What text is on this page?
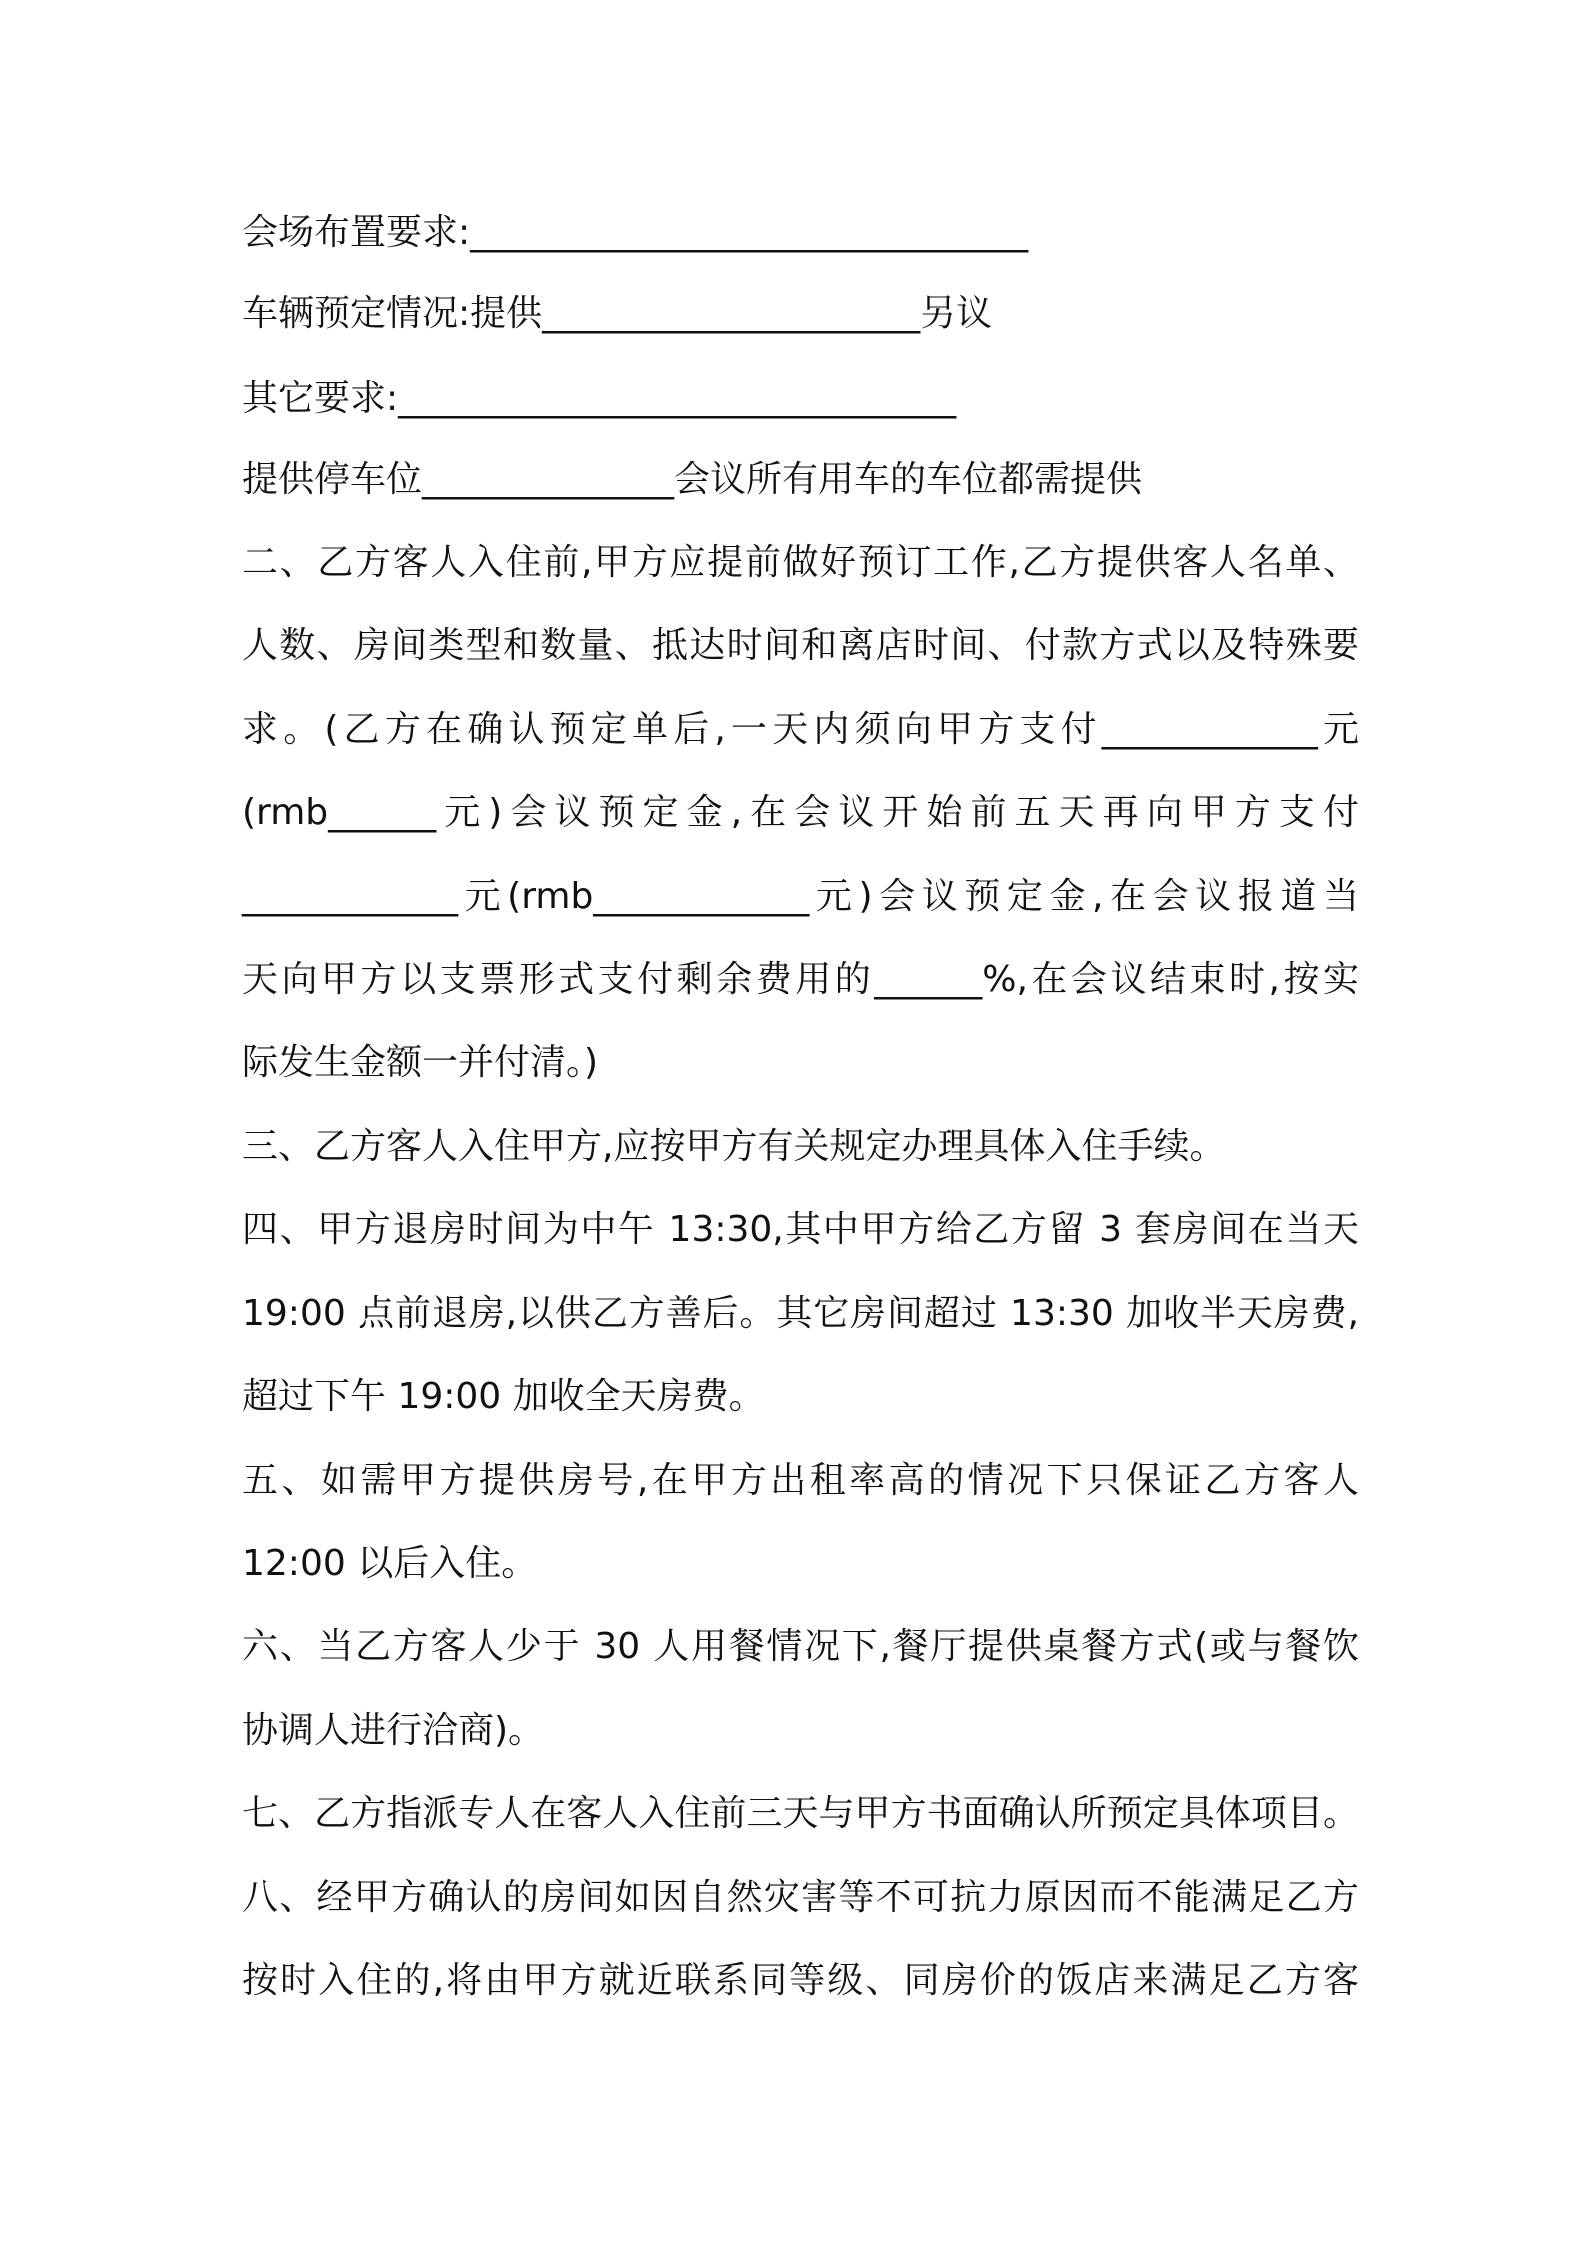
会场布置要求:_______________________________

车辆预定情况:提供_____________________另议

其它要求:_______________________________

提供停车位______________会议所有用车的车位都需提供

二、乙方客人入住前,甲方应提前做好预订工作,乙方提供客人名单、

人数、房间类型和数量、抵达时间和离店时间、付款方式以及特殊要

求。(乙方在确认预定单后,一天内须向甲方支付____________元

(rmb______元)会议预定金,在会议开始前五天再向甲方支付

____________元(rmb____________元)会议预定金,在会议报道当

天向甲方以支票形式支付剩余费用的______%,在会议结束时,按实

际发生金额一并付清。)

三、乙方客人入住甲方,应按甲方有关规定办理具体入住手续。

四、甲方退房时间为中午 13:30,其中甲方给乙方留 3 套房间在当天

19:00 点前退房,以供乙方善后。其它房间超过 13:30 加收半天房费,

超过下午 19:00 加收全天房费。

五、如需甲方提供房号,在甲方出租率高的情况下只保证乙方客人

12:00 以后入住。

六、当乙方客人少于 30 人用餐情况下,餐厅提供桌餐方式(或与餐饮

协调人进行洽商)。

七、乙方指派专人在客人入住前三天与甲方书面确认所预定具体项目。

八、经甲方确认的房间如因自然灾害等不可抗力原因而不能满足乙方

按时入住的,将由甲方就近联系同等级、同房价的饭店来满足乙方客
